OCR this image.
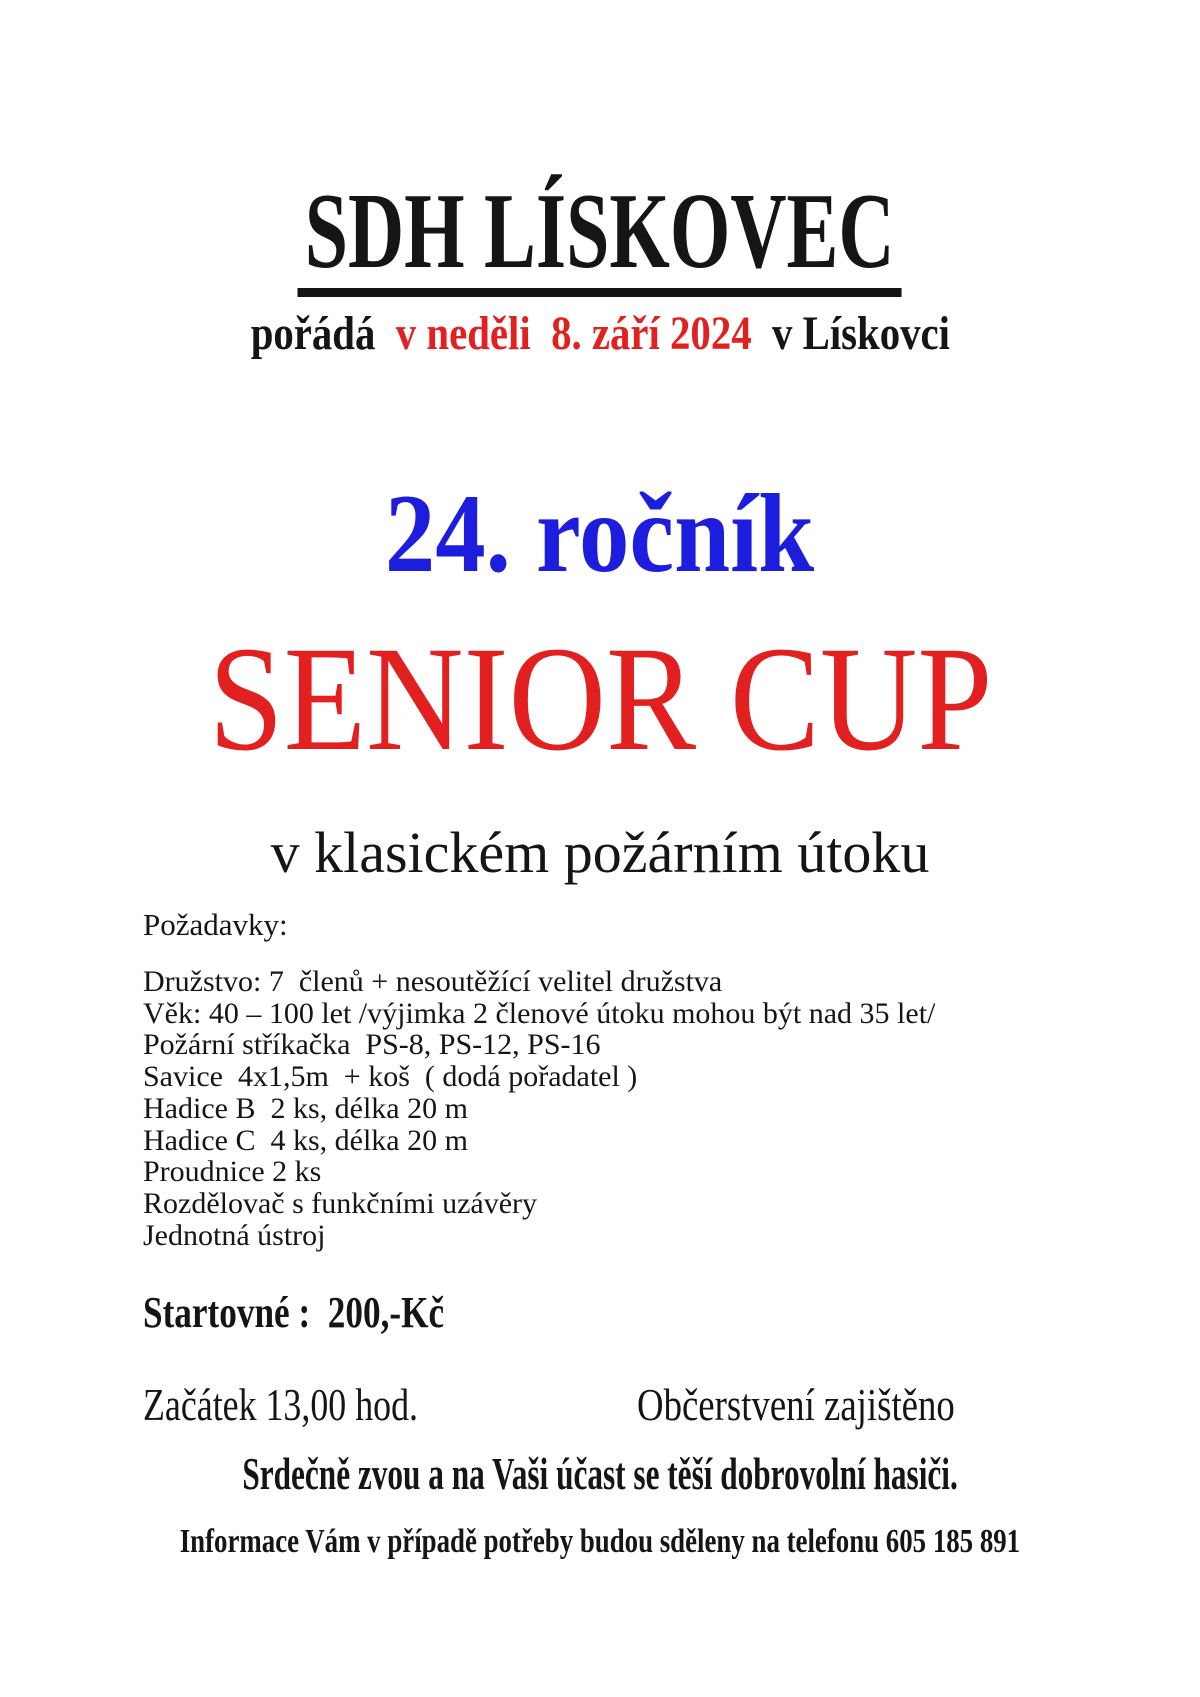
SDH LÍSKOVEC
pořádá  v neděli  8. září 2024  v Lískovci
24. ročník
SENIOR CUP
v klasickém požárním útoku
Požadavky:
Družstvo: 7  členů + nesoutěžící velitel družstva
Věk: 40 – 100 let /výjimka 2 členové útoku mohou být nad 35 let/
Požární stříkačka  PS-8, PS-12, PS-16
Savice  4x1,5m  + koš  ( dodá pořadatel )
Hadice B  2 ks, délka 20 m
Hadice C  4 ks, délka 20 m
Proudnice 2 ks
Rozdělovač s funkčními uzávěry
Jednotná ústroj
Startovné :  200,-Kč
Začátek 13,00 hod.	Občerstvení zajištěno
Srdečně zvou a na Vaši účast se těší dobrovolní hasiči.
Informace Vám v případě potřeby budou sděleny na telefonu 605 185 891
